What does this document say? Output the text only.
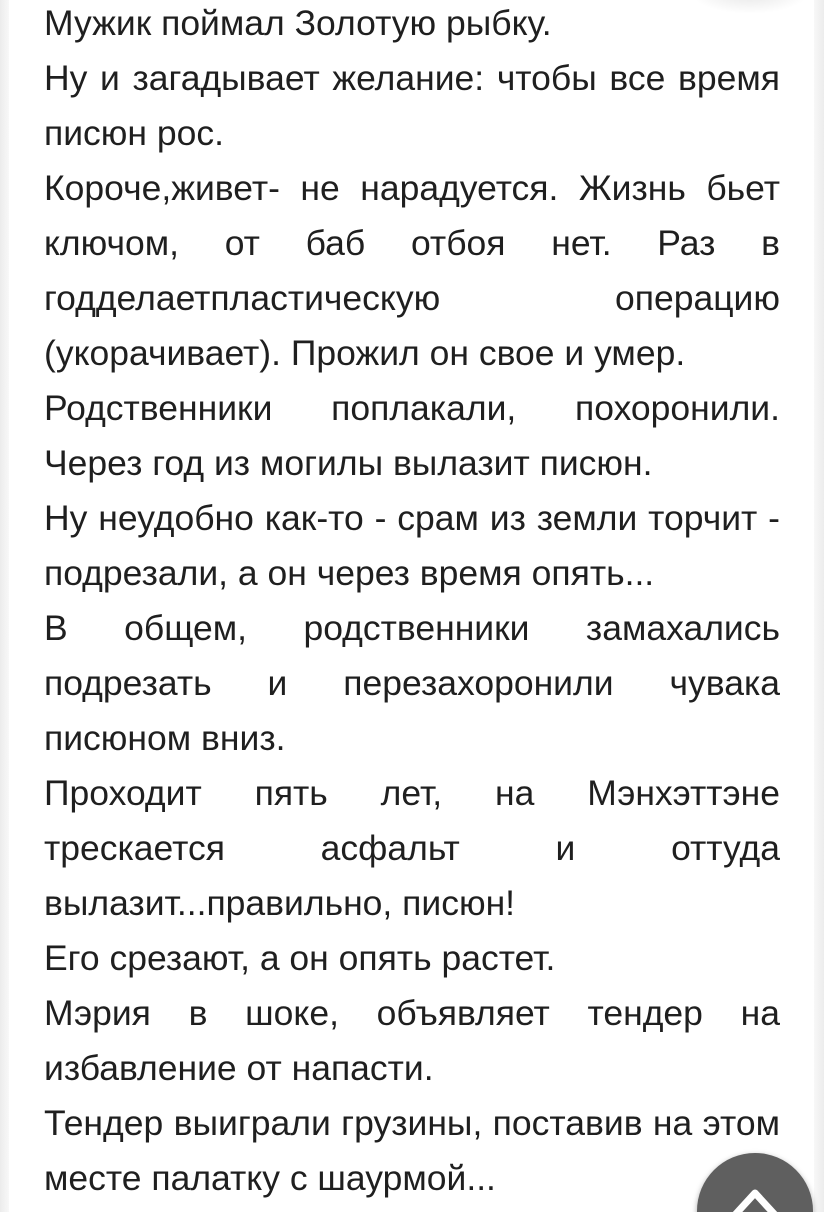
Мужик поймал Золотую рыбку.

Ну и загадывает желание: чтобы все время писюн рос.

Короче,живет- не нарадуется. Жизнь бьет ключом, от баб отбоя нет. Раз в годделаетпластическую операцию (укорачивает). Прожил он свое и умер.

Родственники поплакали, похоронили. Через год из могилы вылазит писюн.

Ну неудобно как-то - срам из земли торчит - подрезали, а он через время опять...

В общем, родственники замахались подрезать и перезахоронили чувака писюном вниз.

Проходит пять лет, на Мэнхэттэне трескается асфальт и оттуда вылазит...правильно, писюн!

Его срезают, а он опять растет.

Мэрия в шоке, объявляет тендер на избавление от напасти.

Тендер выиграли грузины, поставив на этом месте палатку с шаурмой...
